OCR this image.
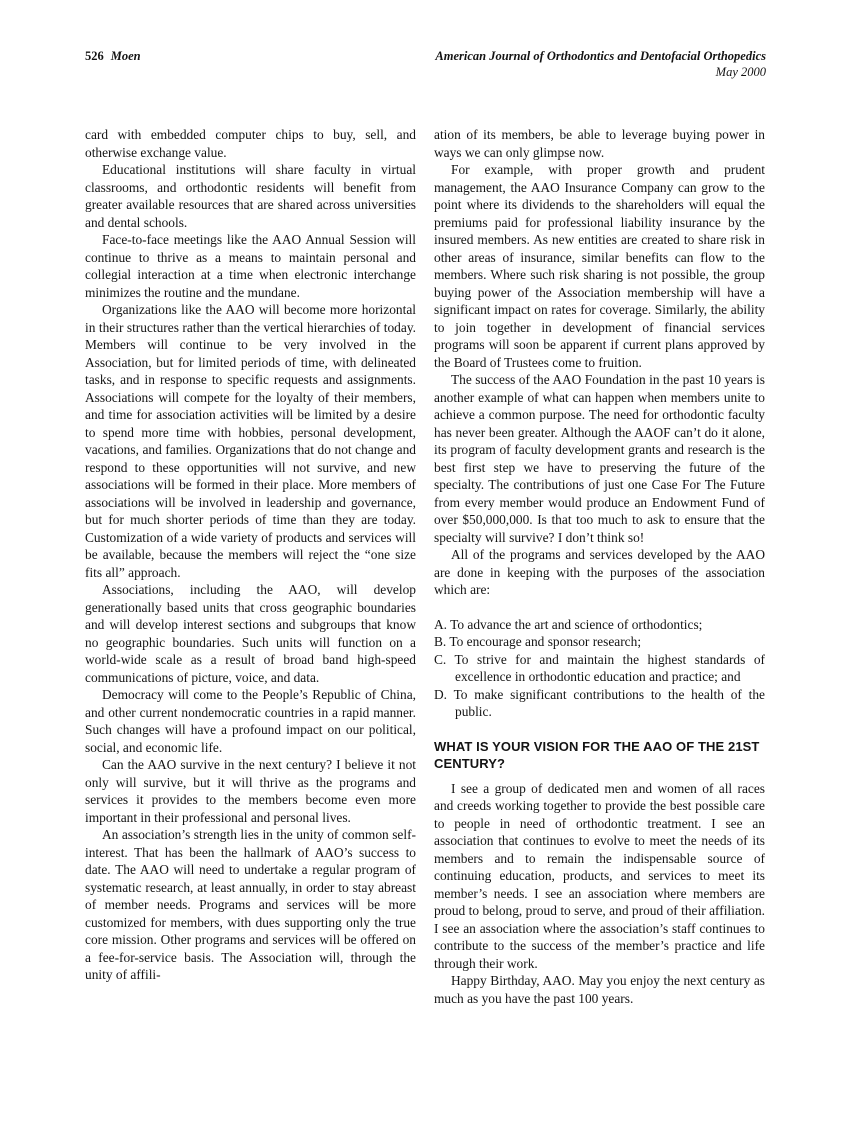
526 Moen	American Journal of Orthodontics and Dentofacial Orthopedics
May 2000

card with embedded computer chips to buy, sell, and otherwise exchange value.

Educational institutions will share faculty in virtual classrooms, and orthodontic residents will benefit from greater available resources that are shared across universities and dental schools.

Face-to-face meetings like the AAO Annual Session will continue to thrive as a means to maintain personal and collegial interaction at a time when electronic interchange minimizes the routine and the mundane.

Organizations like the AAO will become more horizontal in their structures rather than the vertical hierarchies of today. Members will continue to be very involved in the Association, but for limited periods of time, with delineated tasks, and in response to specific requests and assignments. Associations will compete for the loyalty of their members, and time for association activities will be limited by a desire to spend more time with hobbies, personal development, vacations, and families. Organizations that do not change and respond to these opportunities will not survive, and new associations will be formed in their place. More members of associations will be involved in leadership and governance, but for much shorter periods of time than they are today. Customization of a wide variety of products and services will be available, because the members will reject the “one size fits all” approach.

Associations, including the AAO, will develop generationally based units that cross geographic boundaries and will develop interest sections and subgroups that know no geographic boundaries. Such units will function on a world-wide scale as a result of broad band high-speed communications of picture, voice, and data.

Democracy will come to the People’s Republic of China, and other current nondemocratic countries in a rapid manner. Such changes will have a profound impact on our political, social, and economic life.

Can the AAO survive in the next century? I believe it not only will survive, but it will thrive as the programs and services it provides to the members become even more important in their professional and personal lives.

An association’s strength lies in the unity of common self-interest. That has been the hallmark of AAO’s success to date. The AAO will need to undertake a regular program of systematic research, at least annually, in order to stay abreast of member needs. Programs and services will be more customized for members, with dues supporting only the true core mission. Other programs and services will be offered on a fee-for-service basis. The Association will, through the unity of affili-

ation of its members, be able to leverage buying power in ways we can only glimpse now.

For example, with proper growth and prudent management, the AAO Insurance Company can grow to the point where its dividends to the shareholders will equal the premiums paid for professional liability insurance by the insured members. As new entities are created to share risk in other areas of insurance, similar benefits can flow to the members. Where such risk sharing is not possible, the group buying power of the Association membership will have a significant impact on rates for coverage. Similarly, the ability to join together in development of financial services programs will soon be apparent if current plans approved by the Board of Trustees come to fruition.

The success of the AAO Foundation in the past 10 years is another example of what can happen when members unite to achieve a common purpose. The need for orthodontic faculty has never been greater. Although the AAOF can’t do it alone, its program of faculty development grants and research is the best first step we have to preserving the future of the specialty. The contributions of just one Case For The Future from every member would produce an Endowment Fund of over $50,000,000. Is that too much to ask to ensure that the specialty will survive? I don’t think so!

All of the programs and services developed by the AAO are done in keeping with the purposes of the association which are:

A. To advance the art and science of orthodontics;
B. To encourage and sponsor research;
C. To strive for and maintain the highest standards of excellence in orthodontic education and practice; and
D. To make significant contributions to the health of the public.
WHAT IS YOUR VISION FOR THE AAO OF THE 21ST CENTURY?

I see a group of dedicated men and women of all races and creeds working together to provide the best possible care to people in need of orthodontic treatment. I see an association that continues to evolve to meet the needs of its members and to remain the indispensable source of continuing education, products, and services to meet its member’s needs. I see an association where members are proud to belong, proud to serve, and proud of their affiliation. I see an association where the association’s staff continues to contribute to the success of the member’s practice and life through their work.

Happy Birthday, AAO. May you enjoy the next century as much as you have the past 100 years.
